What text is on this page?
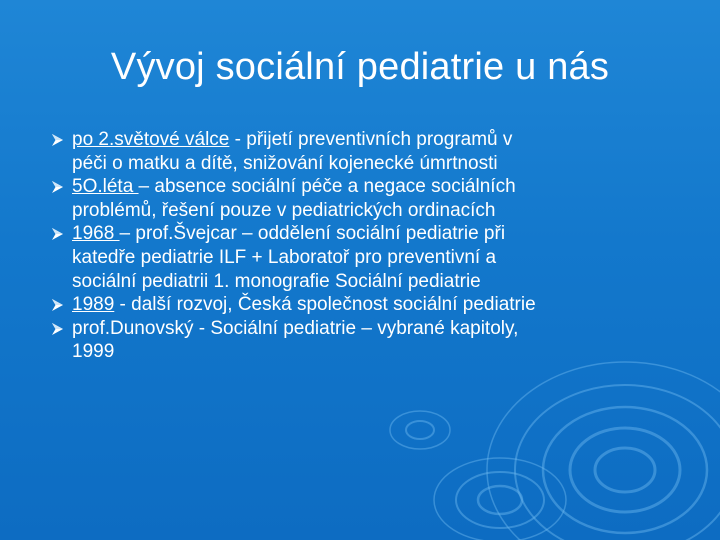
Vývoj sociální pediatrie u nás
po 2.světové válce - přijetí preventivních programů v
péči o matku a dítě, snižování kojenecké úmrtnosti
5O.léta – absence sociální péče a negace sociálních
problémů, řešení pouze v pediatrických ordinacích
1968 – prof.Švejcar – oddělení sociální pediatrie při
katedře pediatrie ILF + Laboratoř pro preventivní a
sociální pediatrii 1. monografie Sociální pediatrie
1989 - další rozvoj, Česká společnost sociální pediatrie
prof.Dunovský - Sociální pediatrie – vybrané kapitoly,
1999
